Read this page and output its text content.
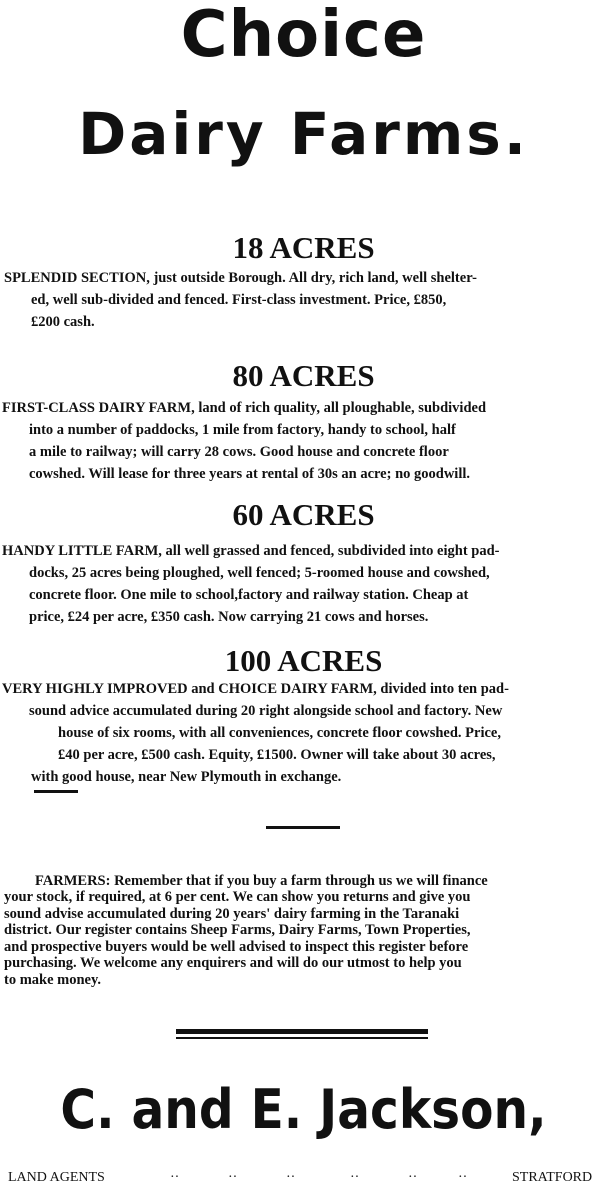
Choice
Dairy Farms.
18 ACRES
SPLENDID SECTION, just outside Borough. All dry, rich land, well shelter-
ed, well sub-divided and fenced. First-class investment. Price, £850,
£200 cash.
80 ACRES
FIRST-CLASS DAIRY FARM, land of rich quality, all ploughable, subdivided
into a number of paddocks, 1 mile from factory, handy to school, half
a mile to railway; will carry 28 cows. Good house and concrete floor
cowshed. Will lease for three years at rental of 30s an acre; no goodwill.
60 ACRES
HANDY LITTLE FARM, all well grassed and fenced, subdivided into eight pad-
docks, 25 acres being ploughed, well fenced; 5-roomed house and cowshed,
concrete floor. One mile to school,factory and railway station. Cheap at
price, £24 per acre, £350 cash. Now carrying 21 cows and horses.
100 ACRES
VERY HIGHLY IMPROVED and CHOICE DAIRY FARM, divided into ten pad-
sound advice accumulated during 20 right alongside school and factory. New
house of six rooms, with all conveniences, concrete floor cowshed. Price,
£40 per acre, £500 cash. Equity, £1500. Owner will take about 30 acres,
with good house, near New Plymouth in exchange.
FARMERS: Remember that if you buy a farm through us we will finance
your stock, if required, at 6 per cent. We can show you returns and give you
sound advise accumulated during 20 years' dairy farming in the Taranaki
district. Our register contains Sheep Farms, Dairy Farms, Town Properties,
and prospective buyers would be well advised to inspect this register before
purchasing. We welcome any enquirers and will do our utmost to help you
to make money.
C. and E. Jackson,
LAND AGENTS	STRATFORD
··	··	··	··	··	··
